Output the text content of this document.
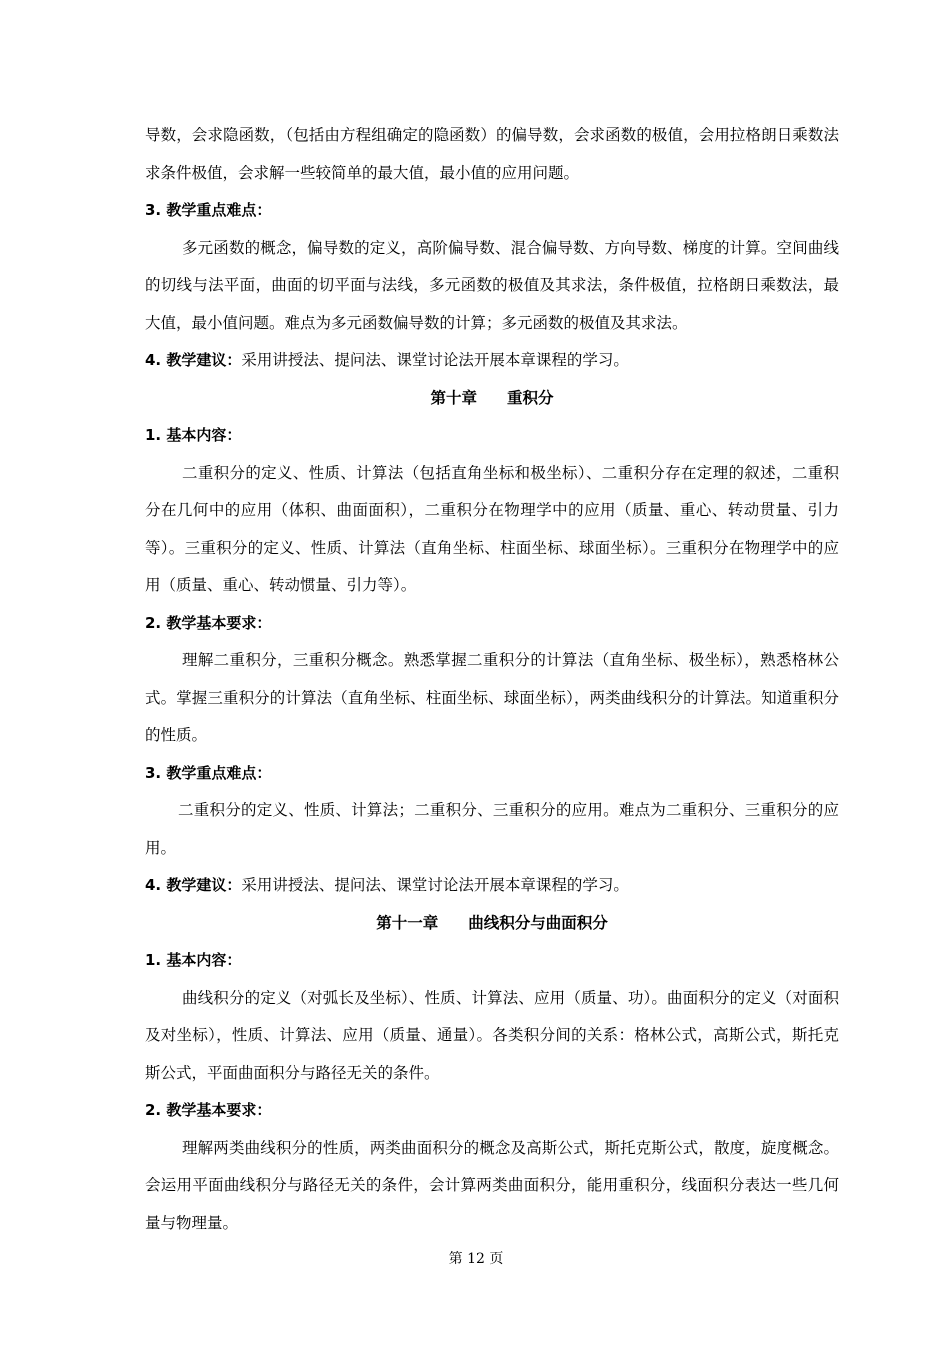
导数，会求隐函数，（包括由方程组确定的隐函数）的偏导数，会求函数的极值，会用拉格朗日乘数法求条件极值，会求解一些较简单的最大值，最小值的应用问题。

3. 教学重点难点：

多元函数的概念，偏导数的定义，高阶偏导数、混合偏导数、方向导数、梯度的计算。空间曲线的切线与法平面，曲面的切平面与法线，多元函数的极值及其求法，条件极值，拉格朗日乘数法，最大值，最小值问题。难点为多元函数偏导数的计算；多元函数的极值及其求法。

4. 教学建议：采用讲授法、提问法、课堂讨论法开展本章课程的学习。

第十章 重积分

1. 基本内容：

二重积分的定义、性质、计算法（包括直角坐标和极坐标）、二重积分存在定理的叙述，二重积分在几何中的应用（体积、曲面面积），二重积分在物理学中的应用（质量、重心、转动贯量、引力等）。三重积分的定义、性质、计算法（直角坐标、柱面坐标、球面坐标）。三重积分在物理学中的应用（质量、重心、转动惯量、引力等）。

2. 教学基本要求：

理解二重积分，三重积分概念。熟悉掌握二重积分的计算法（直角坐标、极坐标），熟悉格林公式。掌握三重积分的计算法（直角坐标、柱面坐标、球面坐标），两类曲线积分的计算法。知道重积分的性质。

3. 教学重点难点：

二重积分的定义、性质、计算法；二重积分、三重积分的应用。难点为二重积分、三重积分的应用。

4. 教学建议：采用讲授法、提问法、课堂讨论法开展本章课程的学习。

第十一章 曲线积分与曲面积分

1. 基本内容：

曲线积分的定义（对弧长及坐标）、性质、计算法、应用（质量、功）。曲面积分的定义（对面积及对坐标），性质、计算法、应用（质量、通量）。各类积分间的关系：格林公式，高斯公式，斯托克斯公式，平面曲面积分与路径无关的条件。

2. 教学基本要求：

理解两类曲线积分的性质，两类曲面积分的概念及高斯公式，斯托克斯公式，散度，旋度概念。会运用平面曲线积分与路径无关的条件，会计算两类曲面积分，能用重积分，线面积分表达一些几何量与物理量。

第 12 页
